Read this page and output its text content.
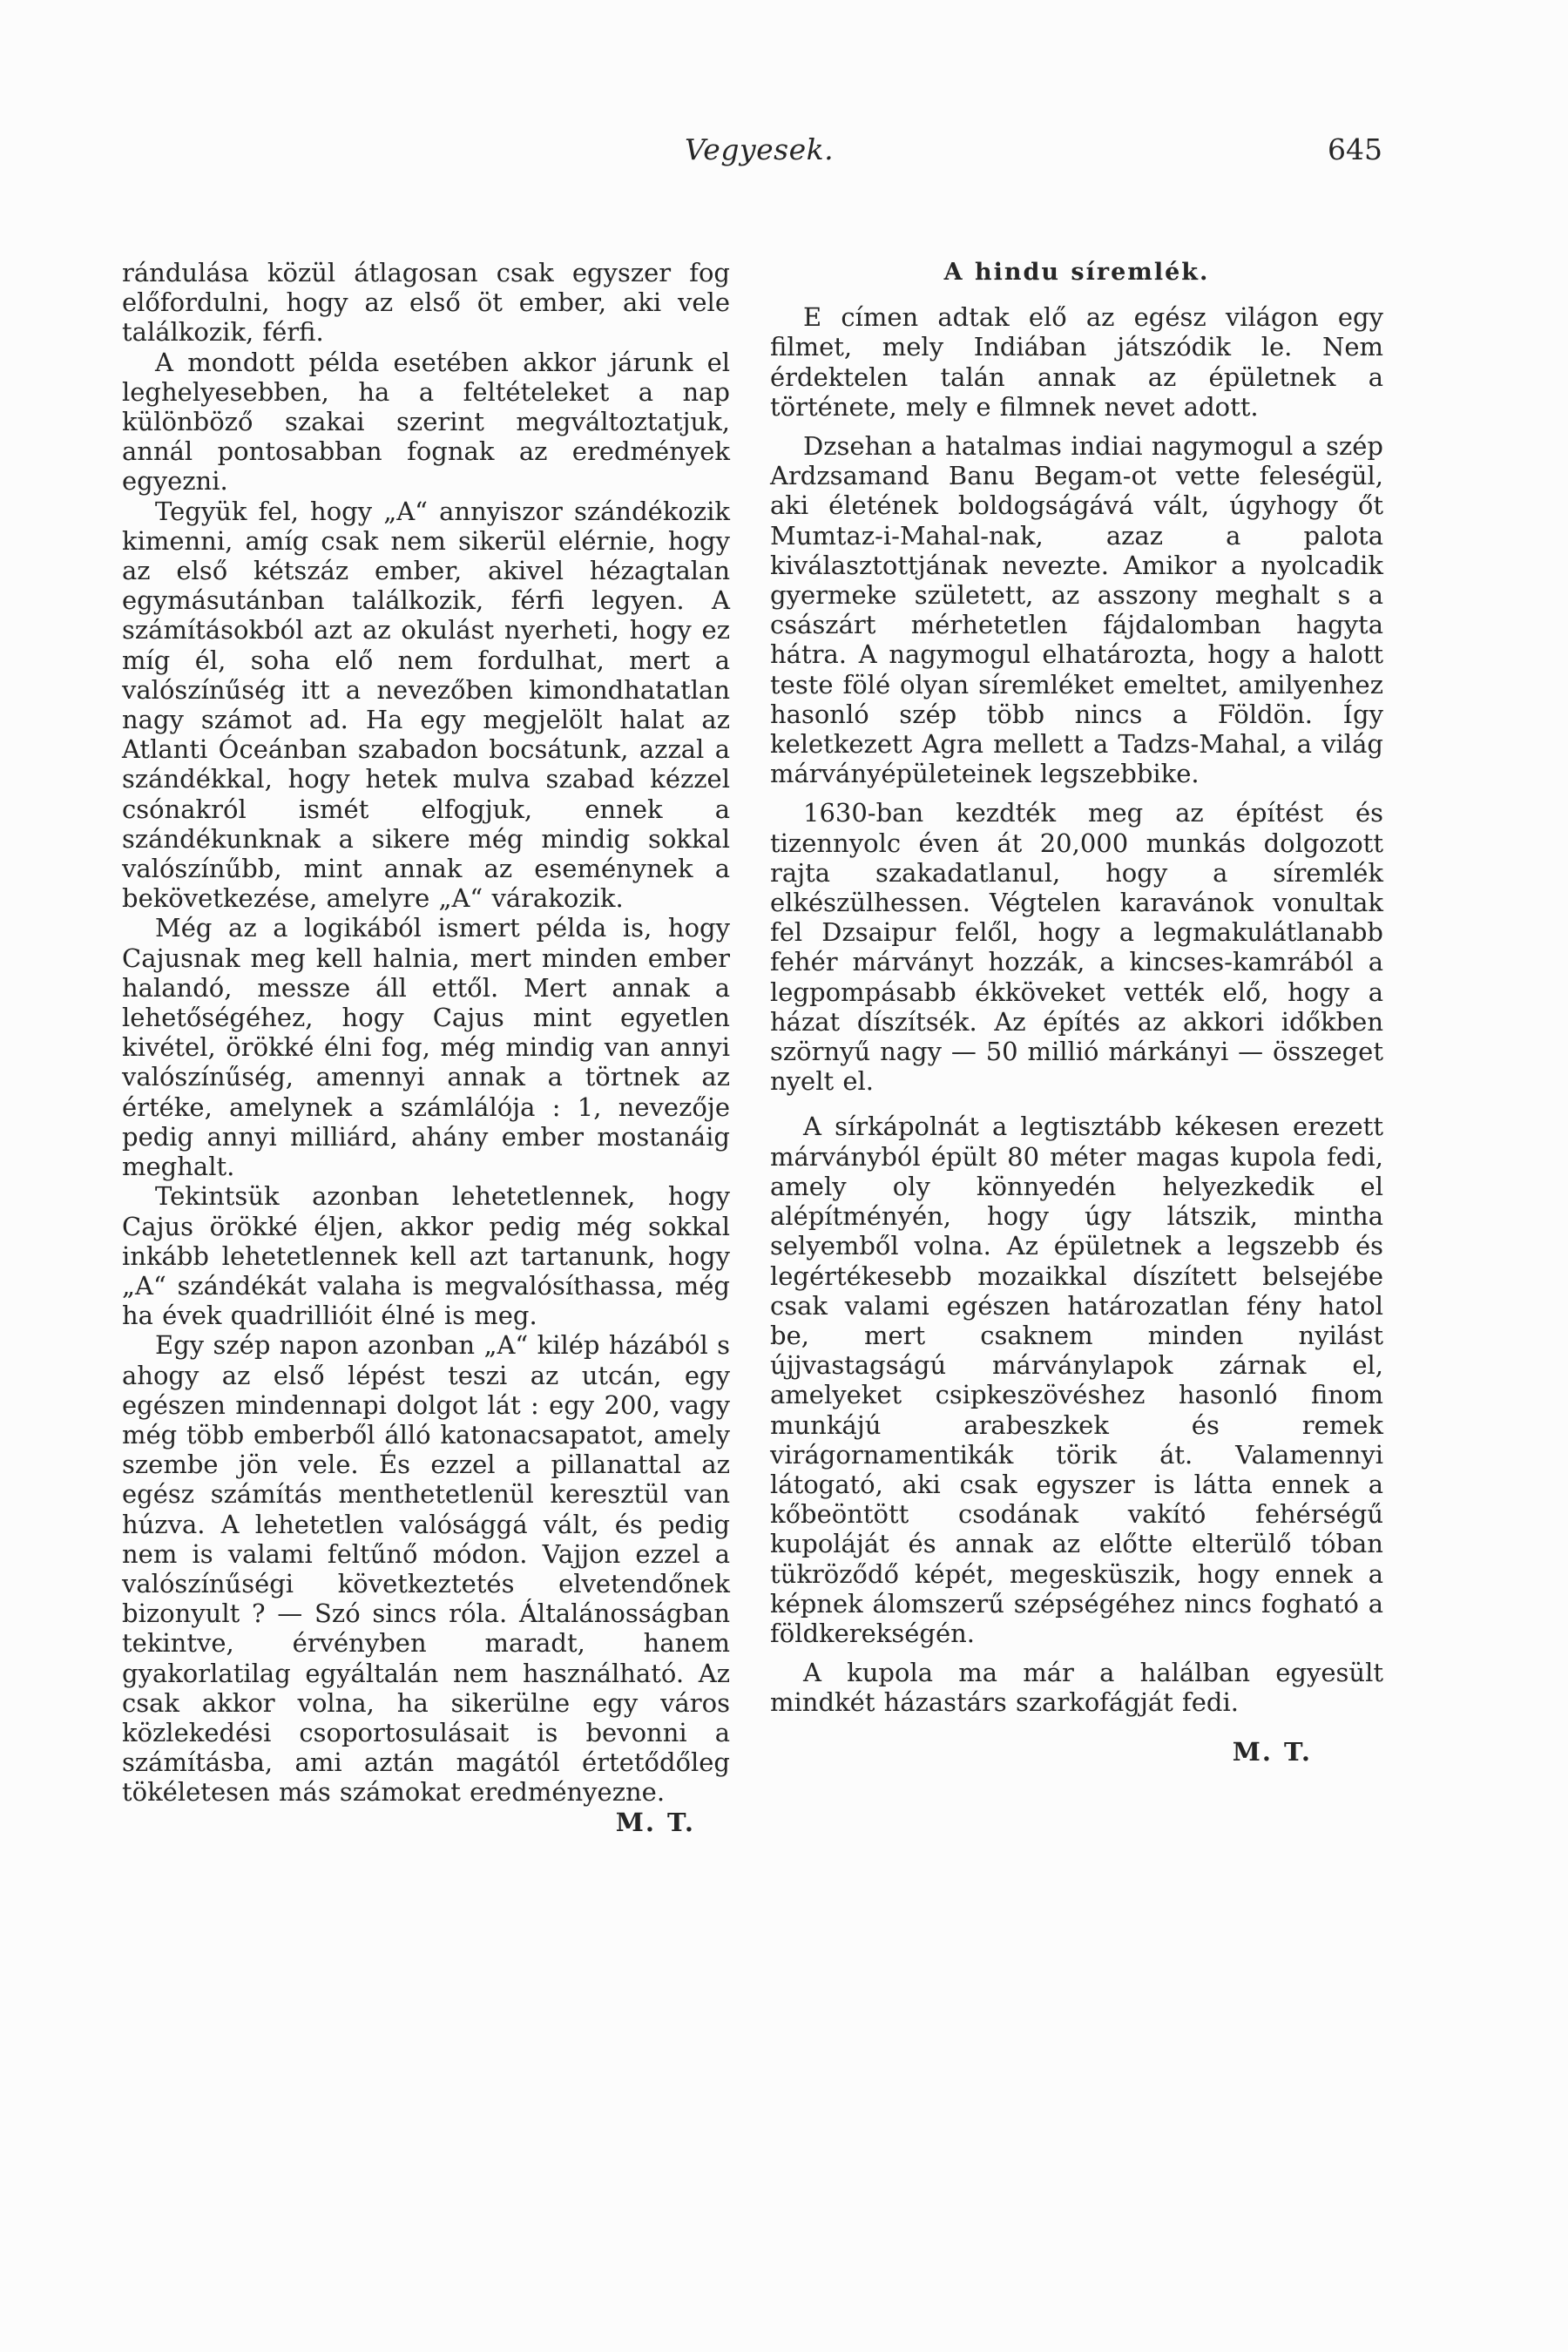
Vegyesek.	645

rándulása közül átlagosan csak egyszer fog előfordulni, hogy az első öt ember, aki vele találkozik, férfi.

A mondott példa esetében akkor járunk el leghelyesebben, ha a feltételeket a nap különböző szakai szerint megváltoztatjuk, annál pontosabban fognak az eredmények egyezni.

Tegyük fel, hogy „A“ annyiszor szándékozik kimenni, amíg csak nem sikerül elérnie, hogy az első kétszáz ember, akivel hézagtalan egymásutánban találkozik, férfi legyen. A számításokból azt az okulást nyerheti, hogy ez míg él, soha elő nem fordulhat, mert a valószínűség itt a nevezőben kimondhatatlan nagy számot ad. Ha egy megjelölt halat az Atlanti Óceánban szabadon bocsátunk, azzal a szándékkal, hogy hetek mulva szabad kézzel csónakról ismét elfogjuk, ennek a szándékunknak a sikere még mindig sokkal valószínűbb, mint annak az eseménynek a bekövetkezése, amelyre „A“ várakozik.

Még az a logikából ismert példa is, hogy Cajusnak meg kell halnia, mert minden ember halandó, messze áll ettől. Mert annak a lehetőségéhez, hogy Cajus mint egyetlen kivétel, örökké élni fog, még mindig van annyi valószínűség, amennyi annak a törtnek az értéke, amelynek a számlálója : 1, nevezője pedig annyi milliárd, ahány ember mostanáig meghalt.

Tekintsük azonban lehetetlennek, hogy Cajus örökké éljen, akkor pedig még sokkal inkább lehetetlennek kell azt tartanunk, hogy „A“ szándékát valaha is megvalósíthassa, még ha évek quadrillióit élné is meg.

Egy szép napon azonban „A“ kilép házából s ahogy az első lépést teszi az utcán, egy egészen mindennapi dolgot lát : egy 200, vagy még több emberből álló katonacsapatot, amely szembe jön vele. És ezzel a pillanattal az egész számítás menthetetlenül keresztül van húzva. A lehetetlen valósággá vált, és pedig nem is valami feltűnő módon. Vajjon ezzel a valószínűségi következtetés elvetendőnek bizonyult ? — Szó sincs róla. Általánosságban tekintve, érvényben maradt, hanem gyakorlatilag egyáltalán nem használható. Az csak akkor volna, ha sikerülne egy város közlekedési csoportosulásait is bevonni a számításba, ami aztán magától értetődőleg tökéletesen más számokat eredményezne.
M. T.

A hindu síremlék.

E címen adtak elő az egész világon egy filmet, mely Indiában játszódik le. Nem érdektelen talán annak az épületnek a története, mely e filmnek nevet adott.

Dzsehan a hatalmas indiai nagymogul a szép Ardzsamand Banu Begam-ot vette feleségül, aki életének boldogságává vált, úgyhogy őt Mumtaz-i-Mahal-nak, azaz a palota kiválasztottjának nevezte. Amikor a nyolcadik gyermeke született, az asszony meghalt s a császárt mérhetetlen fájdalomban hagyta hátra. A nagymogul elhatározta, hogy a halott teste fölé olyan síremléket emeltet, amilyenhez hasonló szép több nincs a Földön. Így keletkezett Agra mellett a Tadzs-Mahal, a világ márványépületeinek legszebbike.

1630-ban kezdték meg az építést és tizennyolc éven át 20,000 munkás dolgozott rajta szakadatlanul, hogy a síremlék elkészülhessen. Végtelen karavánok vonultak fel Dzsaipur felől, hogy a legmakulátlanabb fehér márványt hozzák, a kincses-kamrából a legpompásabb ékköveket vették elő, hogy a házat díszítsék. Az építés az akkori időkben szörnyű nagy — 50 millió márkányi — összeget nyelt el.

A sírkápolnát a legtisztább kékesen erezett márványból épült 80 méter magas kupola fedi, amely oly könnyedén helyezkedik el alépítményén, hogy úgy látszik, mintha selyemből volna. Az épületnek a legszebb és legértékesebb mozaikkal díszített belsejébe csak valami egészen határozatlan fény hatol be, mert csaknem minden nyilást újjvastagságú márványlapok zárnak el, amelyeket csipkeszövéshez hasonló finom munkájú arabeszkek és remek virágornamentikák törik át. Valamennyi látogató, aki csak egyszer is látta ennek a kőbeöntött csodának vakító fehérségű kupoláját és annak az előtte elterülő tóban tükröződő képét, megesküszik, hogy ennek a képnek álomszerű szépségéhez nincs fogható a földkerekségén.

A kupola ma már a halálban egyesült mindkét házastárs szarkofágját fedi.

M. T.
